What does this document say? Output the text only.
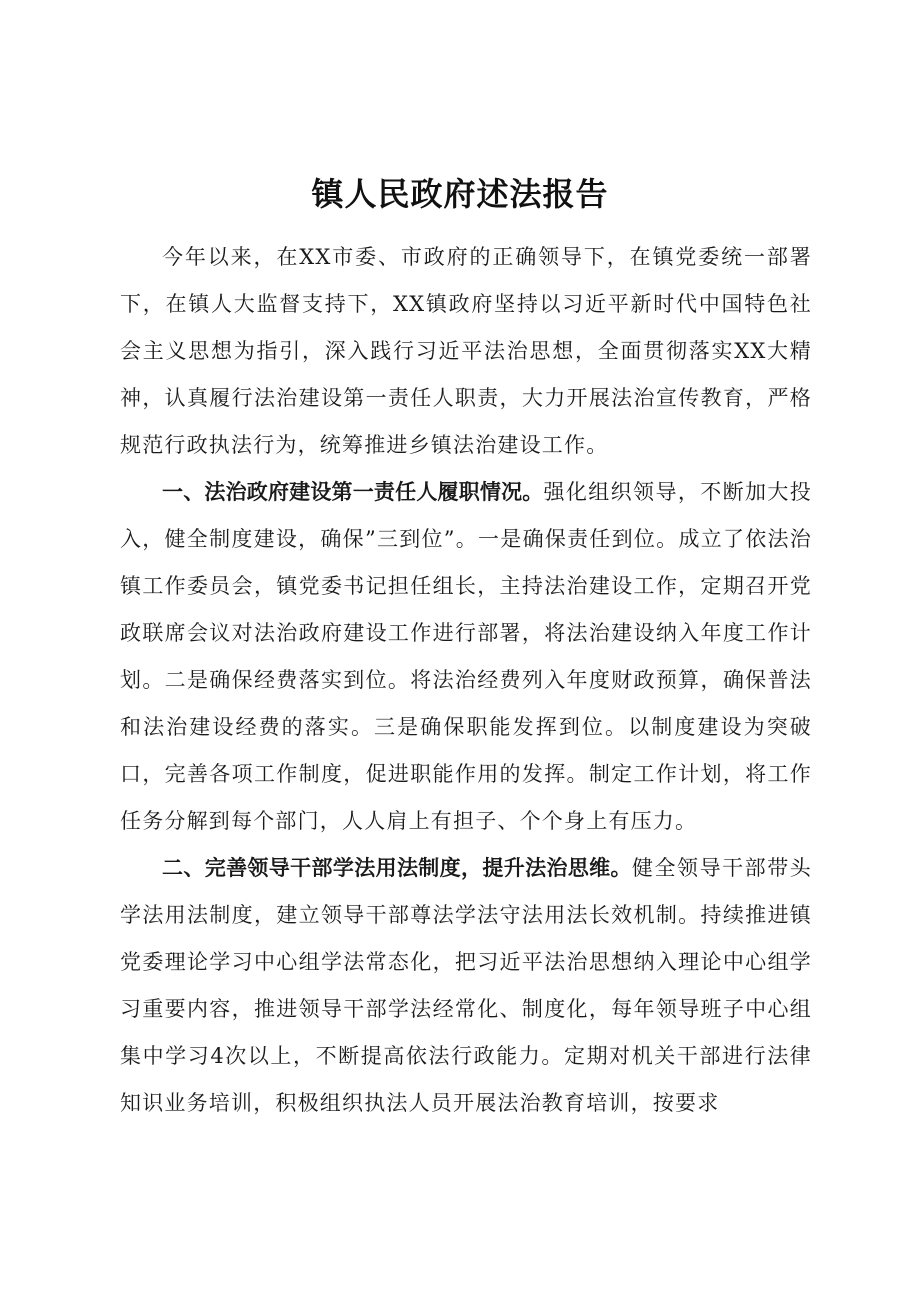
镇人民政府述法报告

今年以来，在XX市委、市政府的正确领导下，在镇党委统一部署下，在镇人大监督支持下，XX镇政府坚持以习近平新时代中国特色社会主义思想为指引，深入践行习近平法治思想，全面贯彻落实XX大精神，认真履行法治建设第一责任人职责，大力开展法治宣传教育，严格规范行政执法行为，统筹推进乡镇法治建设工作。

一、法治政府建设第一责任人履职情况。强化组织领导，不断加大投入，健全制度建设，确保”三到位”。一是确保责任到位。成立了依法治镇工作委员会，镇党委书记担任组长，主持法治建设工作，定期召开党政联席会议对法治政府建设工作进行部署，将法治建设纳入年度工作计划。二是确保经费落实到位。将法治经费列入年度财政预算，确保普法和法治建设经费的落实。三是确保职能发挥到位。以制度建设为突破口，完善各项工作制度，促进职能作用的发挥。制定工作计划，将工作任务分解到每个部门，人人肩上有担子、个个身上有压力。

二、完善领导干部学法用法制度，提升法治思维。健全领导干部带头学法用法制度，建立领导干部尊法学法守法用法长效机制。持续推进镇党委理论学习中心组学法常态化，把习近平法治思想纳入理论中心组学习重要内容，推进领导干部学法经常化、制度化，每年领导班子中心组集中学习4次以上，不断提高依法行政能力。定期对机关干部进行法律知识业务培训，积极组织执法人员开展法治教育培训，按要求
